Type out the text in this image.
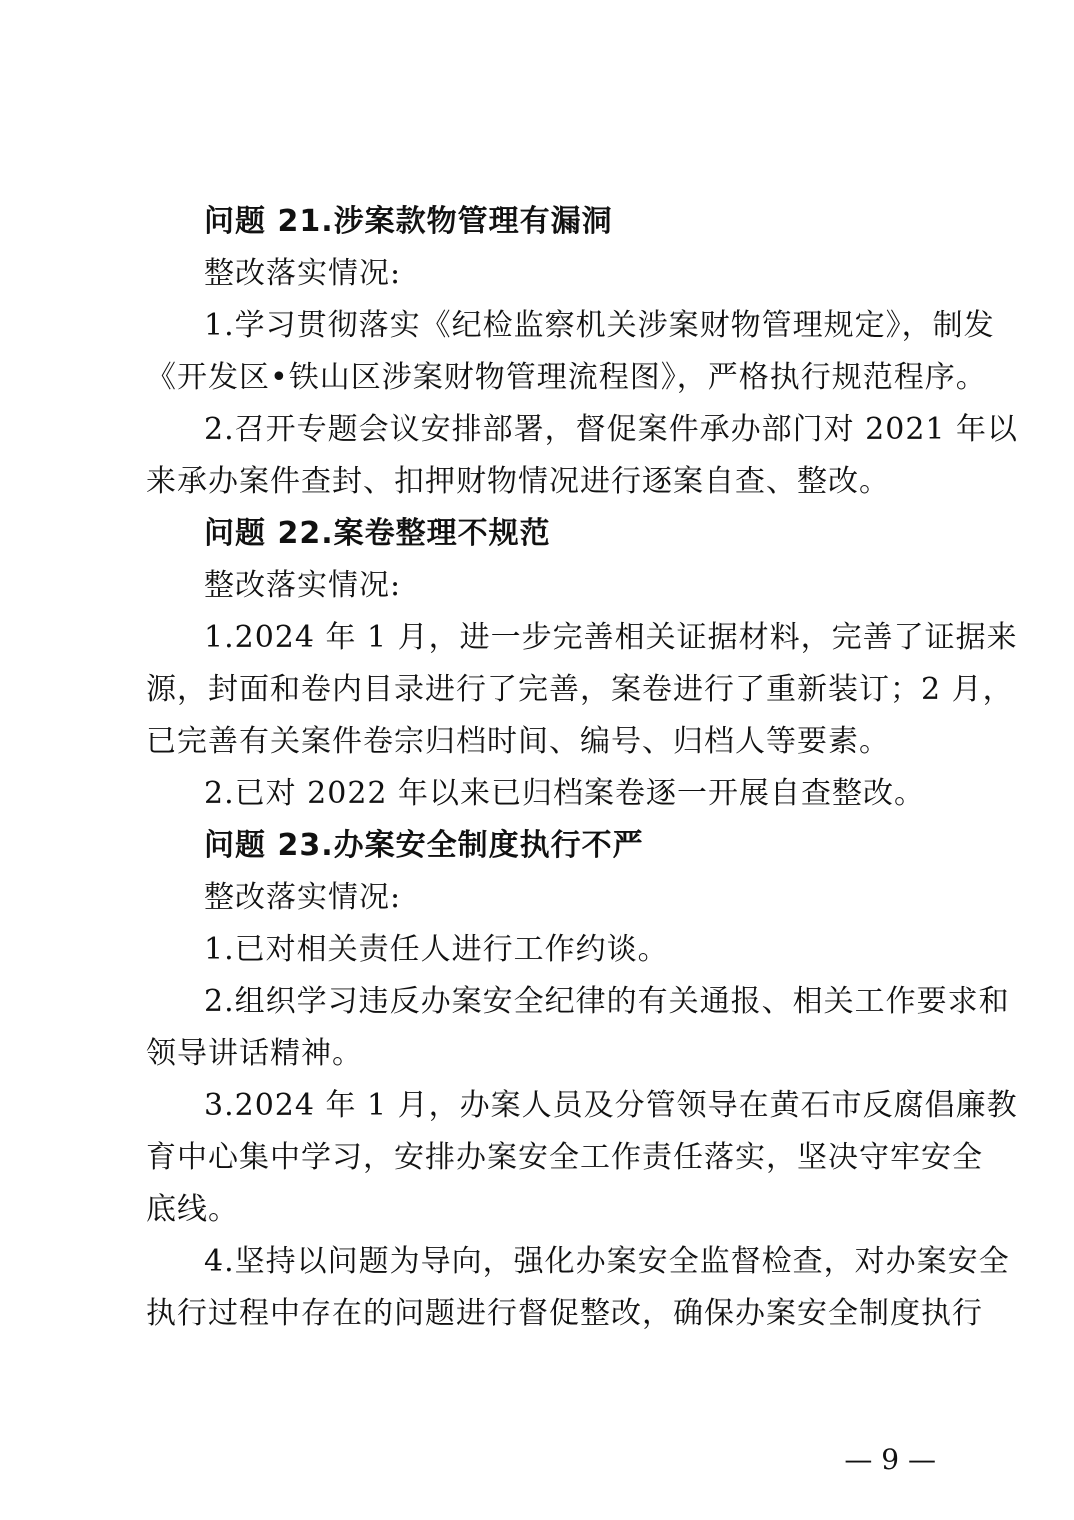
问题 21.涉案款物管理有漏洞
整改落实情况:
1.学习贯彻落实《纪检监察机关涉案财物管理规定》，制发
《开发区•铁山区涉案财物管理流程图》，严格执行规范程序。
2.召开专题会议安排部署，督促案件承办部门对 2021 年以
来承办案件查封、扣押财物情况进行逐案自查、整改。
问题 22.案卷整理不规范
整改落实情况:
1.2024 年 1 月，进一步完善相关证据材料，完善了证据来
源，封面和卷内目录进行了完善，案卷进行了重新装订；2 月，
已完善有关案件卷宗归档时间、编号、归档人等要素。
2.已对 2022 年以来已归档案卷逐一开展自查整改。
问题 23.办案安全制度执行不严
整改落实情况:
1.已对相关责任人进行工作约谈。
2.组织学习违反办案安全纪律的有关通报、相关工作要求和
领导讲话精神。
3.2024 年 1 月，办案人员及分管领导在黄石市反腐倡廉教
育中心集中学习，安排办案安全工作责任落实，坚决守牢安全
底线。
4.坚持以问题为导向，强化办案安全监督检查，对办案安全
执行过程中存在的问题进行督促整改，确保办案安全制度执行
— 9 —
